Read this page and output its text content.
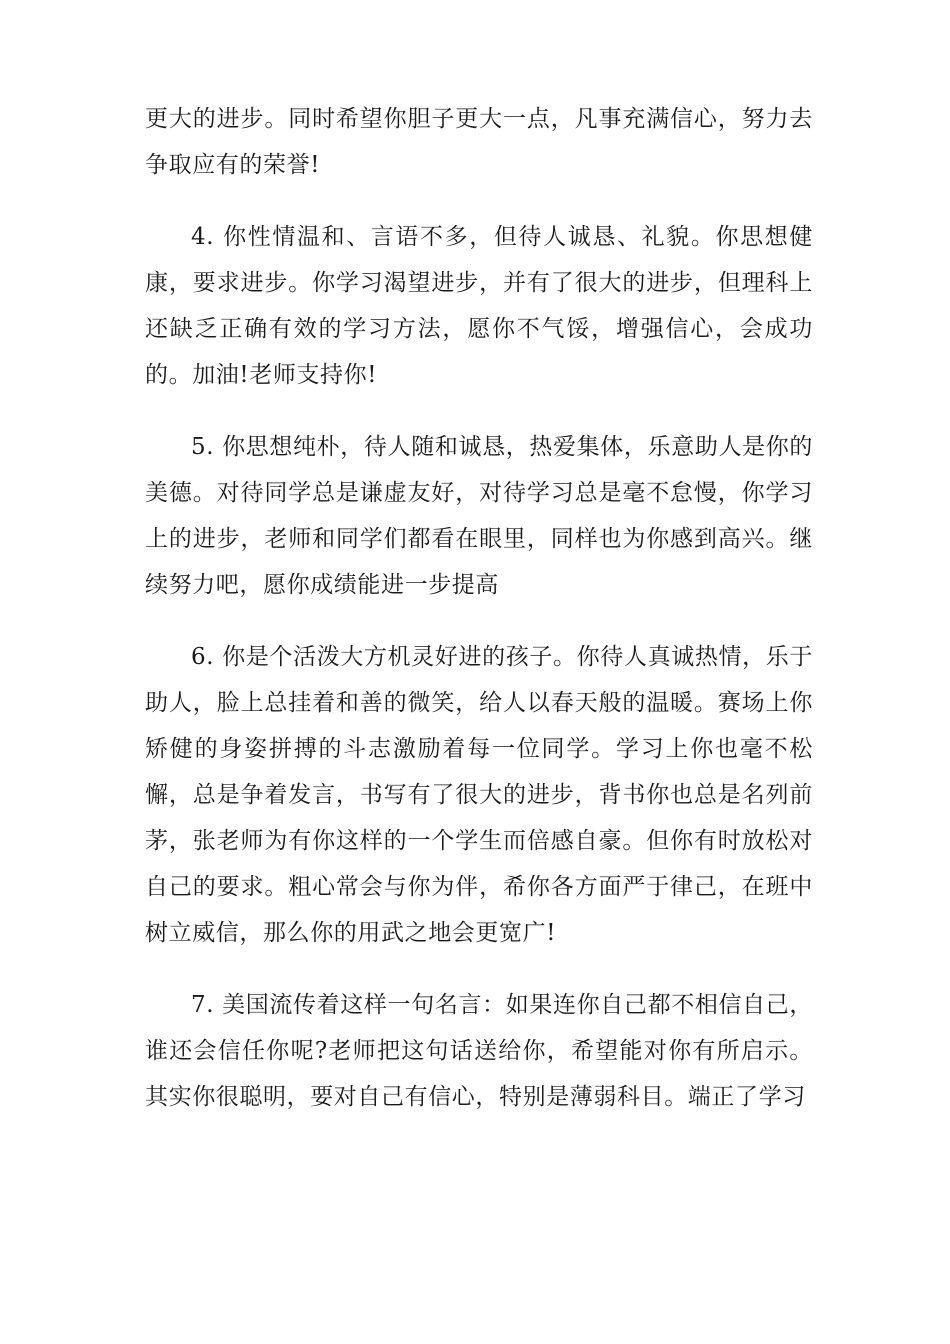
更大的进步。同时希望你胆子更大一点，凡事充满信心，努力去争取应有的荣誉!

4. 你性情温和、言语不多，但待人诚恳、礼貌。你思想健康，要求进步。你学习渴望进步，并有了很大的进步，但理科上还缺乏正确有效的学习方法，愿你不气馁，增强信心，会成功的。加油!老师支持你!

5. 你思想纯朴，待人随和诚恳，热爱集体，乐意助人是你的美德。对待同学总是谦虚友好，对待学习总是毫不怠慢，你学习上的进步，老师和同学们都看在眼里，同样也为你感到高兴。继续努力吧，愿你成绩能进一步提高

6. 你是个活泼大方机灵好进的孩子。你待人真诚热情，乐于助人，脸上总挂着和善的微笑，给人以春天般的温暖。赛场上你矫健的身姿拼搏的斗志激励着每一位同学。学习上你也毫不松懈，总是争着发言，书写有了很大的进步，背书你也总是名列前茅，张老师为有你这样的一个学生而倍感自豪。但你有时放松对自己的要求。粗心常会与你为伴，希你各方面严于律己，在班中树立威信，那么你的用武之地会更宽广!

7. 美国流传着这样一句名言：如果连你自己都不相信自己，谁还会信任你呢?老师把这句话送给你，希望能对你有所启示。其实你很聪明，要对自己有信心，特别是薄弱科目。端正了学习
